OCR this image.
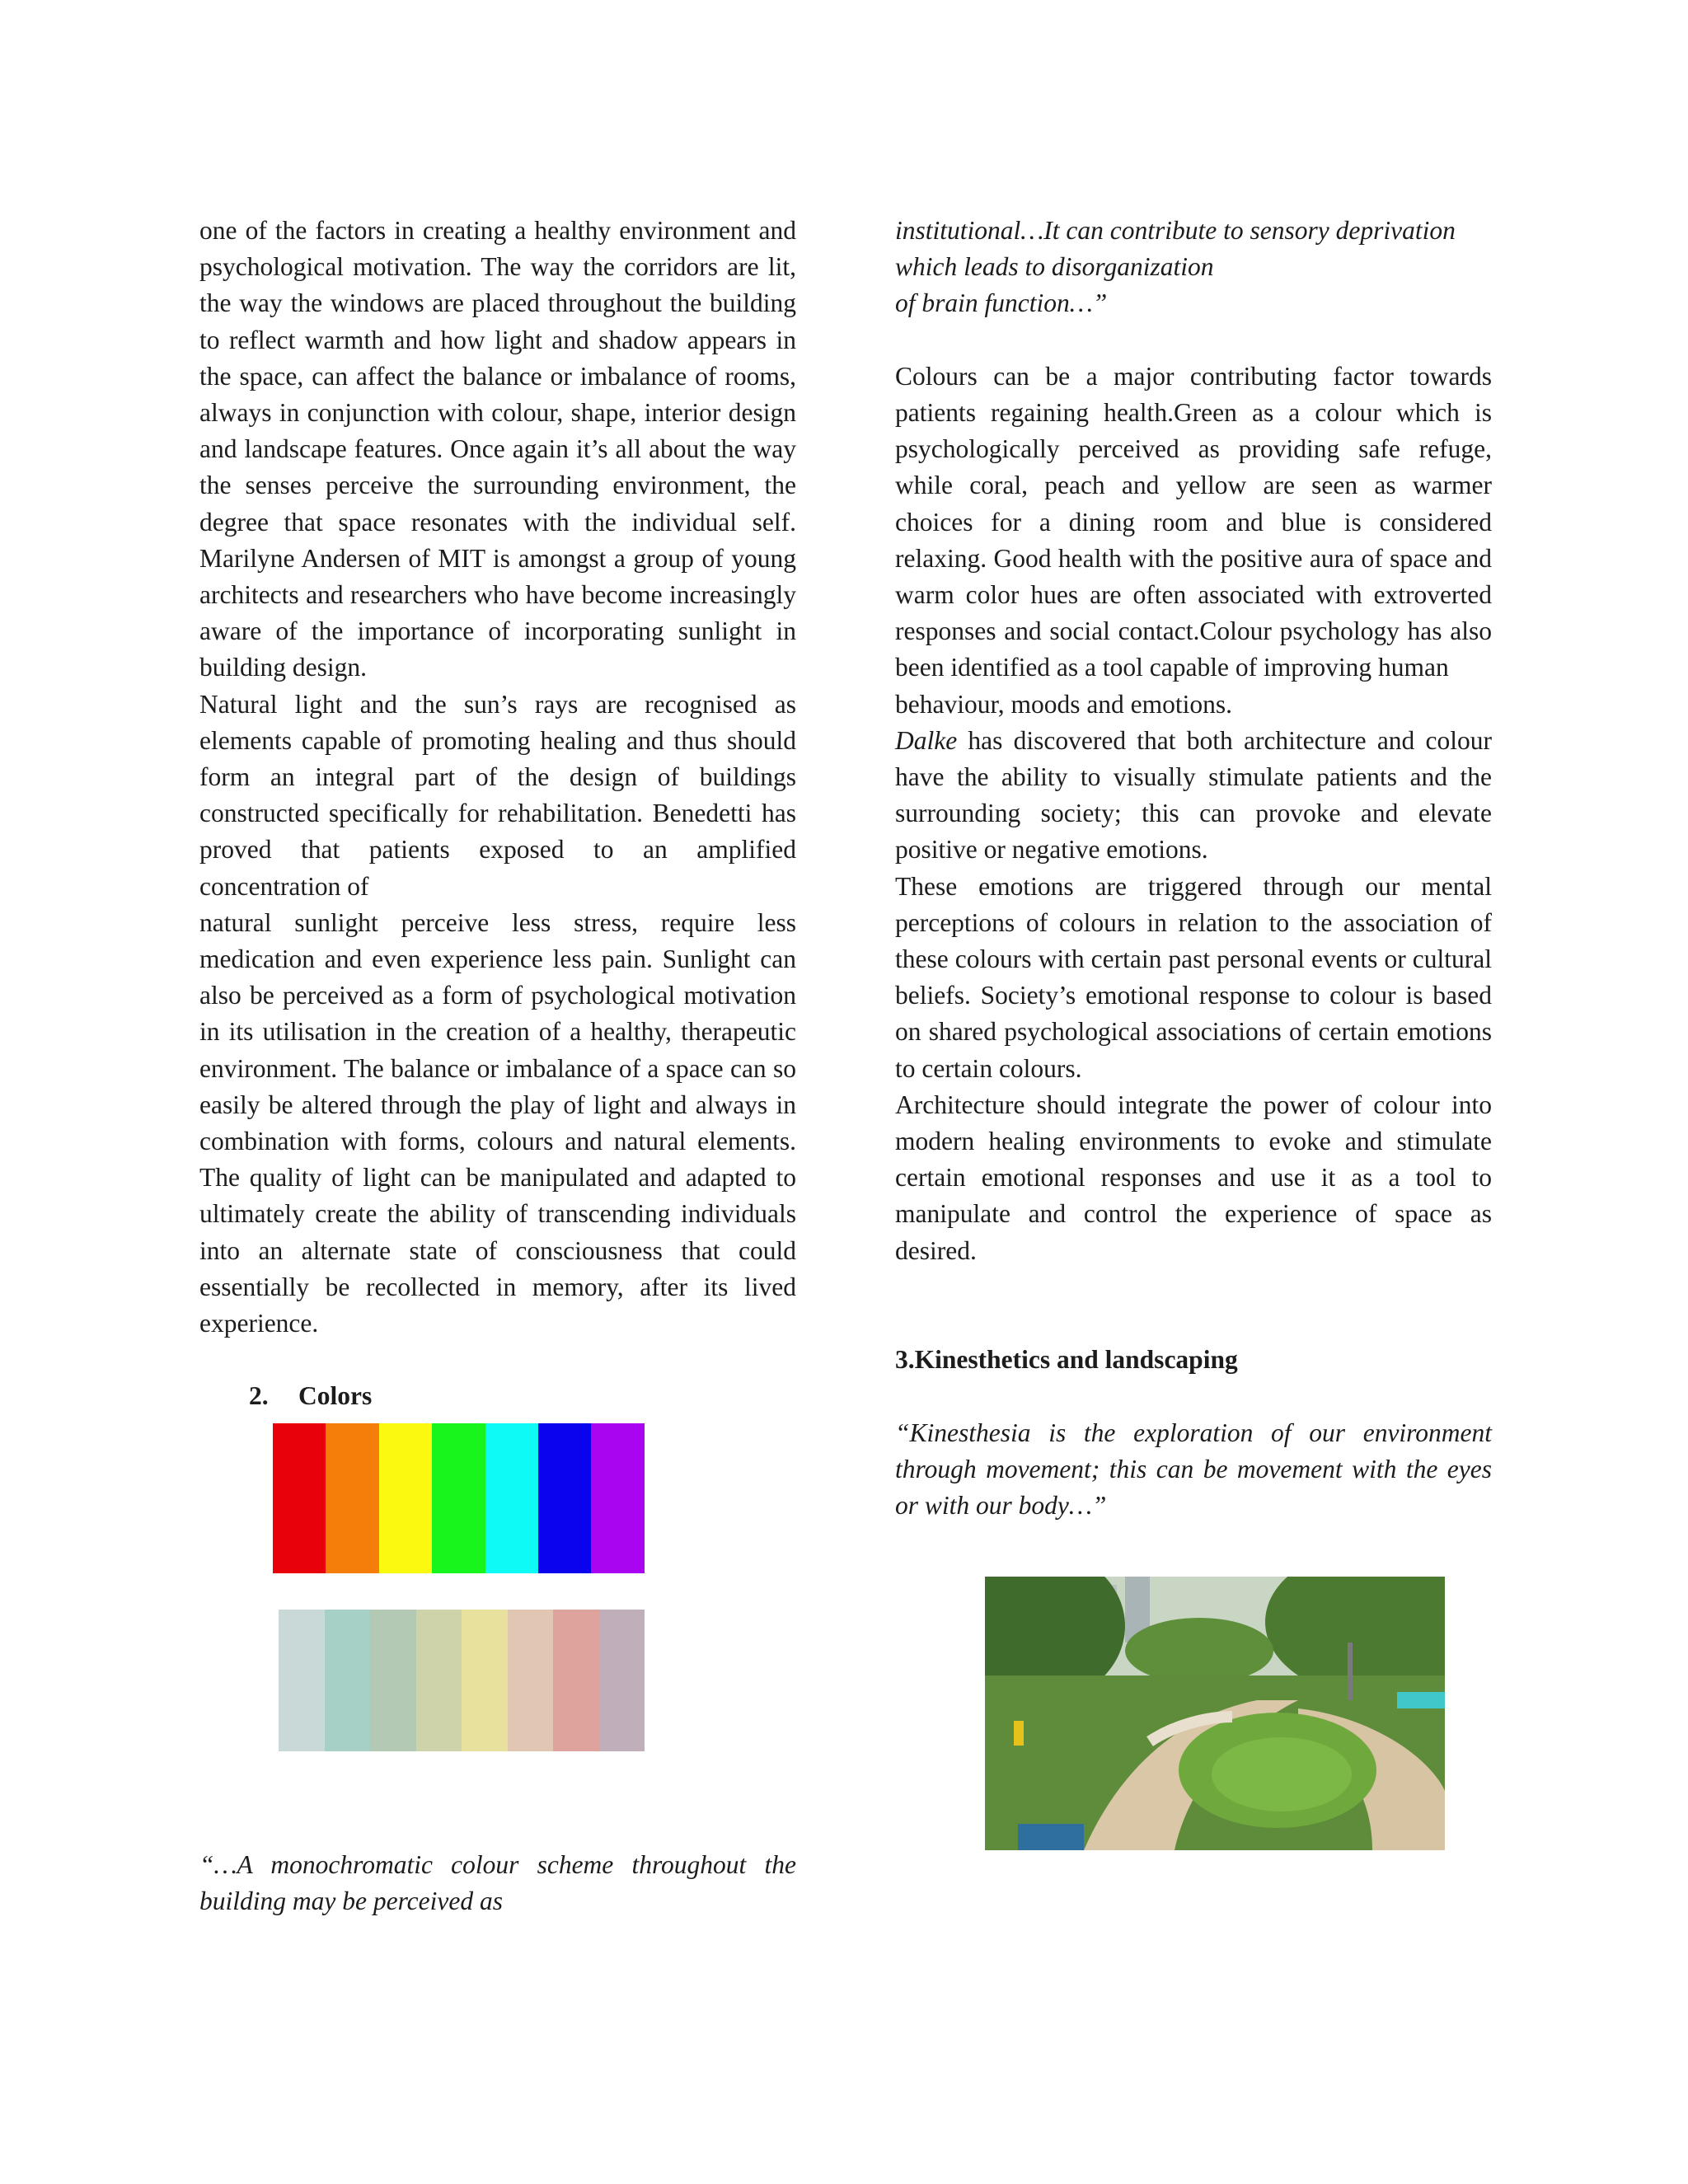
one of the factors in creating a healthy environment and psychological motivation. The way the corridors are lit, the way the windows are placed throughout the building to reflect warmth and how light and shadow appears in the space, can affect the balance or imbalance of rooms, always in conjunction with colour, shape, interior design and landscape features. Once again it’s all about the way the senses perceive the surrounding environment, the degree that space resonates with the individual self. Marilyne Andersen of MIT is amongst a group of young architects and researchers who have become increasingly aware of the importance of incorporating sunlight in building design.

Natural light and the sun’s rays are recognised as elements capable of promoting healing and thus should form an integral part of the design of buildings constructed specifically for rehabilitation. Benedetti has proved that patients exposed to an amplified concentration of

natural sunlight perceive less stress, require less medication and even experience less pain. Sunlight can also be perceived as a form of psychological motivation in its utilisation in the creation of a healthy, therapeutic environment. The balance or imbalance of a space can so easily be altered through the play of light and always in combination with forms, colours and natural elements. The quality of light can be manipulated and adapted to ultimately create the ability of transcending individuals into an alternate state of consciousness that could essentially be recollected in memory, after its lived experience.

2. Colors

“…A monochromatic colour scheme throughout the building may be perceived as

institutional…It can contribute to sensory deprivation
which leads to disorganization
of brain function…”

Colours can be a major contributing factor towards patients regaining health.Green as a colour which is psychologically perceived as providing safe refuge, while coral, peach and yellow are seen as warmer choices for a dining room and blue is considered relaxing. Good health with the positive aura of space and warm color hues are often associated with extroverted responses and social contact.Colour psychology has also been identified as a tool capable of improving human

behaviour, moods and emotions.

Dalke has discovered that both architecture and colour have the ability to visually stimulate patients and the surrounding society; this can provoke and elevate positive or negative emotions.

These emotions are triggered through our mental perceptions of colours in relation to the association of these colours with certain past personal events or cultural beliefs. Society’s emotional response to colour is based on shared psychological associations of certain emotions to certain colours.

Architecture should integrate the power of colour into modern healing environments to evoke and stimulate certain emotional responses and use it as a tool to manipulate and control the experience of space as desired.

3.Kinesthetics and landscaping

“Kinesthesia is the exploration of our environment through movement; this can be movement with the eyes or with our body…”
